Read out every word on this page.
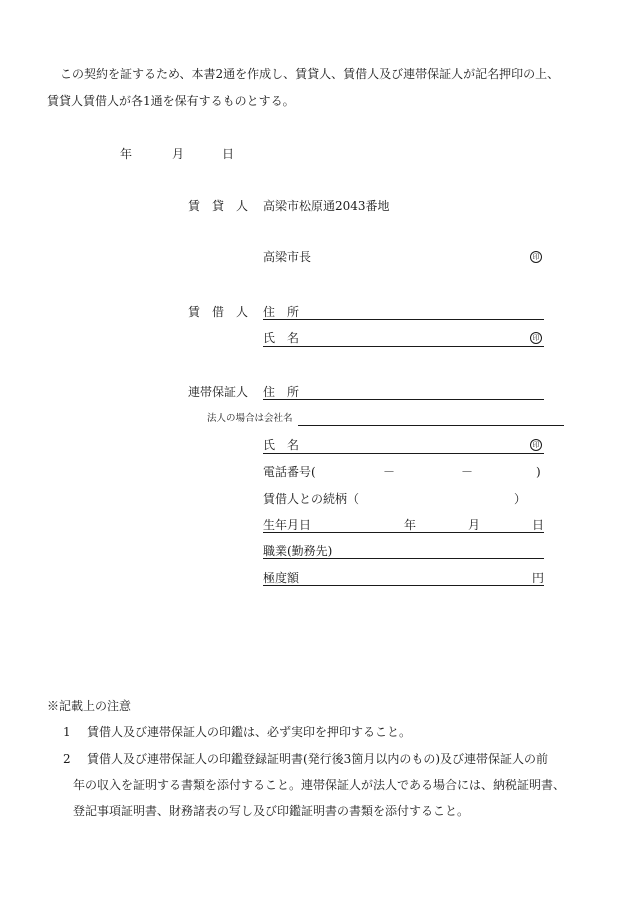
この契約を証するため、本書2通を作成し、賃貸人、賃借人及び連帯保証人が記名押印の上、
賃貸人賃借人が各1通を保有するものとする。
年	月	日
賃　貸　人 高梁市松原通2043番地
高梁市長	印
賃　借　人 住　所
氏　名	印
連帯保証人 住　所
法人の場合は会社名
氏　名	印
電話番号(	－	－	)
賃借人との続柄（	）
生年月日	年	月	日
職業(勤務先)
極度額	円
※記載上の注意
1 賃借人及び連帯保証人の印鑑は、必ず実印を押印すること。
2 賃借人及び連帯保証人の印鑑登録証明書(発行後3箇月以内のもの)及び連帯保証人の前
年の収入を証明する書類を添付すること。連帯保証人が法人である場合には、納税証明書、
登記事項証明書、財務諸表の写し及び印鑑証明書の書類を添付すること。
